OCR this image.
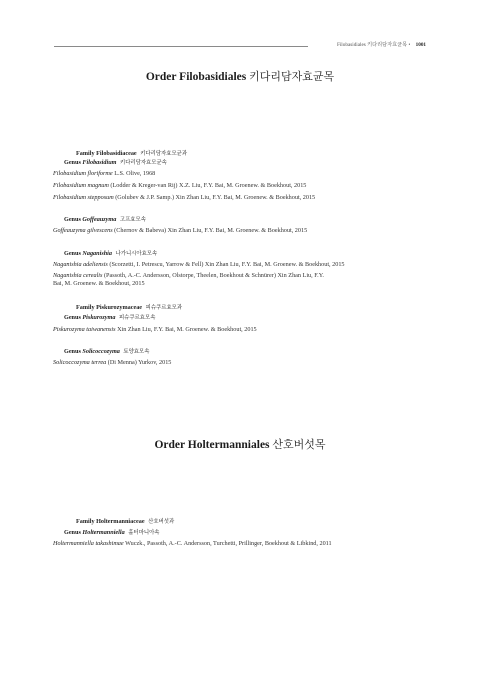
Filobasidiales 키다리담자효균목 • 1001
Order Filobasidiales 키다리담자효균목
Family Filobasidiaceae 키다리담자효모균과
Genus Filobasidium 키다리담자효모균속
Filobasidium floriforme L.S. Olive, 1968
Filobasidium magnum (Lodder & Kreger-van Rij) X.Z. Liu, F.Y. Bai, M. Groenew. & Boekhout, 2015
Filobasidium stepposum (Golubev & J.P. Samp.) Xin Zhan Liu, F.Y. Bai, M. Groenew. & Boekhout, 2015
Genus Goffeauzyma 고프효모속
Goffeauzyma gilvescens (Chernov & Babeva) Xin Zhan Liu, F.Y. Bai, M. Groenew. & Boekhout, 2015
Genus Naganishia 나가니시아효모속
Naganishia adeliensis (Scorzetti, I. Petrescu, Yarrow & Fell) Xin Zhan Liu, F.Y. Bai, M. Groenew. & Boekhout, 2015
Naganishia cerealis (Passoth, A.-C. Andersson, Olstorpe, Theelen, Boekhout & Schnürer) Xin Zhan Liu, F.Y.
Bai, M. Groenew. & Boekhout, 2015
Family Piskurozymaceae 피슈쿠르효모과
Genus Piskurozyma 피슈쿠르효모속
Piskurozyma taiwanensis Xin Zhan Liu, F.Y. Bai, M. Groenew. & Boekhout, 2015
Genus Solicoccozyma 토양효모속
Solicoccozyma terrea (Di Menna) Yurkov, 2015
Order Holtermanniales 산호버섯목
Family Holtermanniaceae 산호버섯과
Genus Holtermanniella 홀터마니아속
Holtermanniella takashimae Wuczk., Passoth, A.-C. Andersson, Turchetti, Prillinger, Boekhout & Libkind, 2011
